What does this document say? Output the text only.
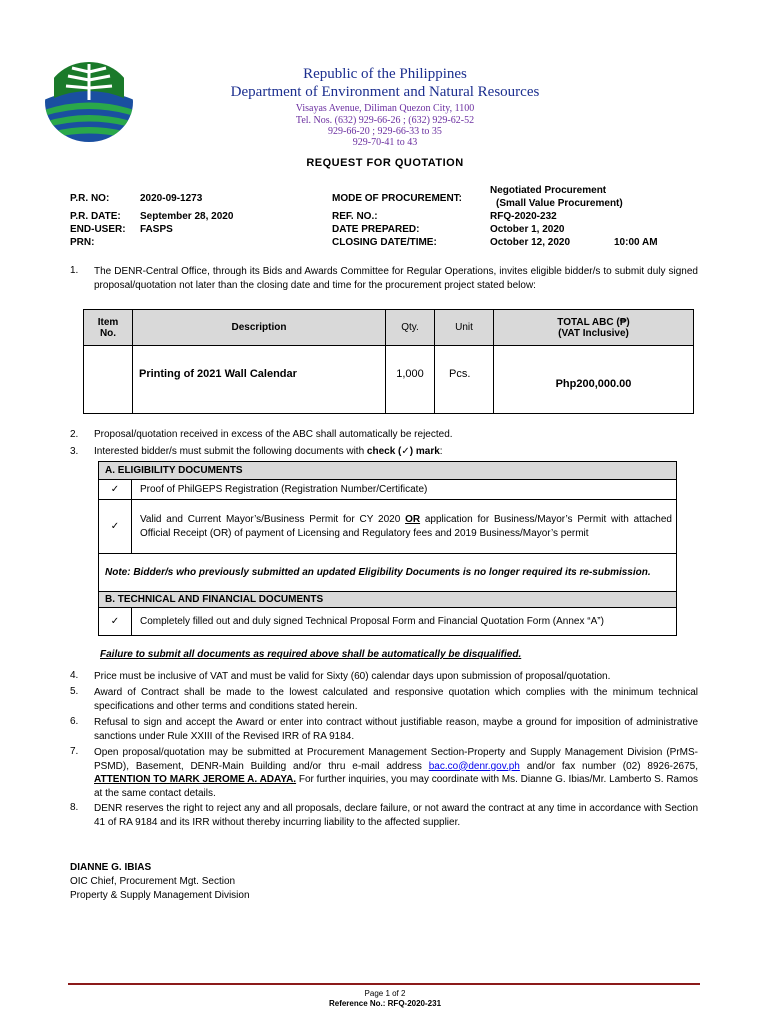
Republic of the Philippines
Department of Environment and Natural Resources
Visayas Avenue, Diliman Quezon City, 1100
Tel. Nos. (632) 929-66-26 ; (632) 929-62-52
929-66-20 ; 929-66-33 to 35
929-70-41 to 43
REQUEST FOR QUOTATION
P.R. NO:	2020-09-1273	MODE OF PROCUREMENT:
Negotiated Procurement
(Small Value Procurement)
P.R. DATE: September 28, 2020	REF. NO.:	RFQ-2020-232
END-USER: FASPS	DATE PREPARED:	October 1, 2020
PRN:	CLOSING DATE/TIME:	October 12, 2020	10:00 AM
1. The DENR-Central Office, through its Bids and Awards Committee for Regular Operations, invites eligible bidder/s to submit duly signed proposal/quotation not later than the closing date and time for the procurement project stated below:
Item
No.	Description	Qty.	Unit	TOTAL ABC (₱)
(VAT Inclusive)
	Printing of 2021 Wall Calendar	1,000	Pcs.	Php200,000.00
2. Proposal/quotation received in excess of the ABC shall automatically be rejected.
3. Interested bidder/s must submit the following documents with check (✓) mark:
A. ELIGIBILITY DOCUMENTS	
✓	Proof of PhilGEPS Registration (Registration Number/Certificate)
✓	Valid and Current Mayor’s/Business Permit for CY 2020 OR application for Business/Mayor’s Permit with attached Official Receipt (OR) of payment of Licensing and Regulatory fees and 2019 Business/Mayor’s permit
Note: Bidder/s who previously submitted an updated Eligibility Documents is no longer required its re-submission.	
B. TECHNICAL AND FINANCIAL DOCUMENTS	
✓	Completely filled out and duly signed Technical Proposal Form and Financial Quotation Form (Annex “A”)
Failure to submit all documents as required above shall be automatically be disqualified.
4. Price must be inclusive of VAT and must be valid for Sixty (60) calendar days upon submission of proposal/quotation.
5. Award of Contract shall be made to the lowest calculated and responsive quotation which complies with the minimum technical specifications and other terms and conditions stated herein.
6. Refusal to sign and accept the Award or enter into contract without justifiable reason, maybe a ground for imposition of administrative sanctions under Rule XXIII of the Revised IRR of RA 9184.
7. Open proposal/quotation may be submitted at Procurement Management Section-Property and Supply Management Division (PrMS-PSMD), Basement, DENR-Main Building and/or thru e-mail address bac.co@denr.gov.ph and/or fax number (02) 8926-2675, ATTENTION TO MARK JEROME A. ADAYA. For further inquiries, you may coordinate with Ms. Dianne G. Ibias/Mr. Lamberto S. Ramos at the same contact details.
8. DENR reserves the right to reject any and all proposals, declare failure, or not award the contract at any time in accordance with Section 41 of RA 9184 and its IRR without thereby incurring liability to the affected supplier.
DIANNE G. IBIAS
OIC Chief, Procurement Mgt. Section
Property & Supply Management Division
Page 1 of 2
Reference No.: RFQ-2020-231
